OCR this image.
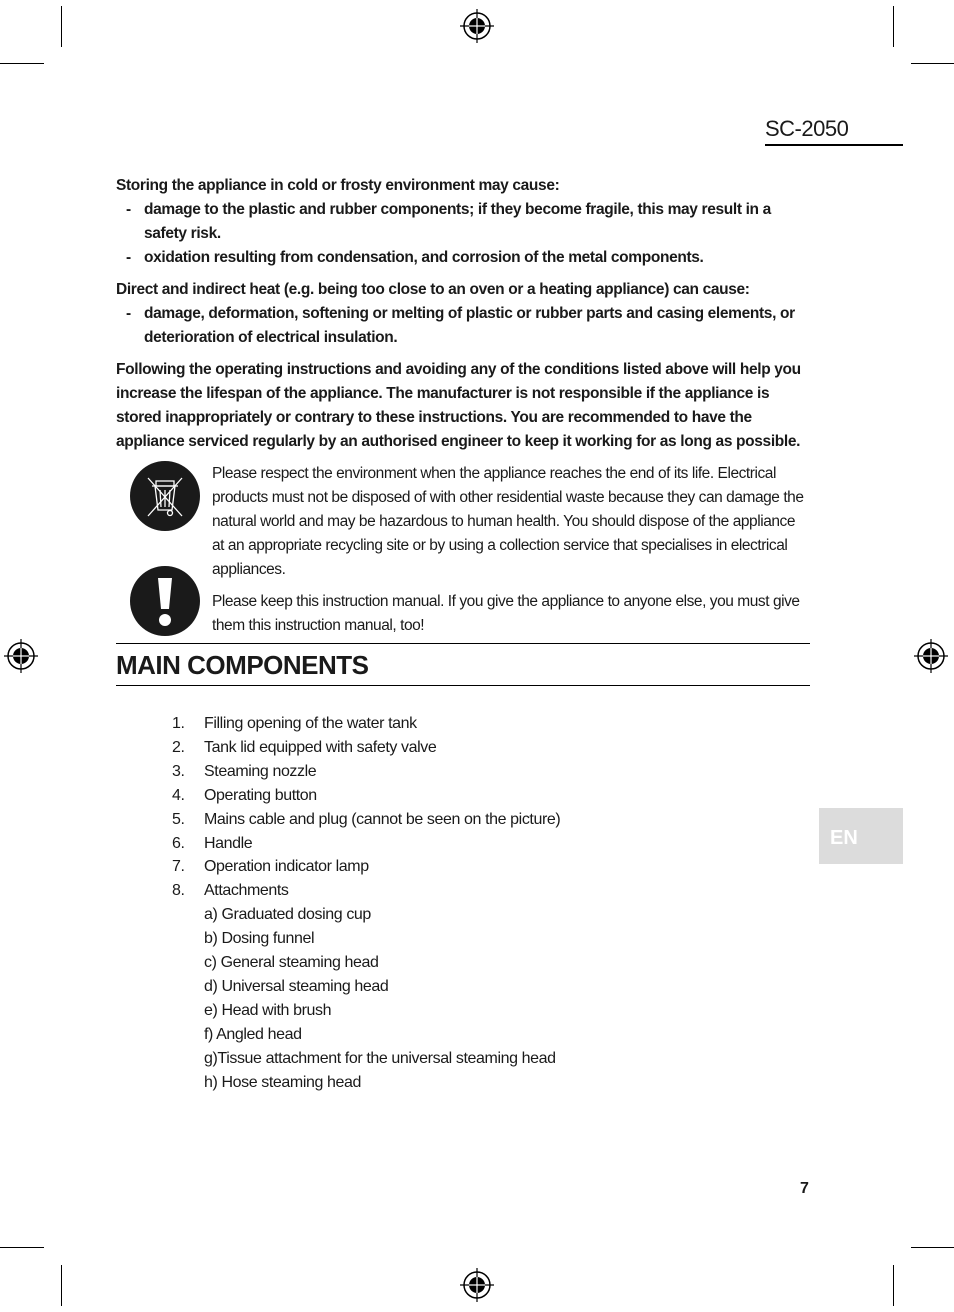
SC-2050
Storing the appliance in cold or frosty environment may cause:
- damage to the plastic and rubber components; if they become fragile, this may result in a safety risk.
- oxidation resulting from condensation, and corrosion of the metal components.
Direct and indirect heat (e.g. being too close to an oven or a heating appliance) can cause:
- damage, deformation, softening or melting of plastic or rubber parts and casing elements, or deterioration of electrical insulation.
Following the operating instructions and avoiding any of the conditions listed above will help you increase the lifespan of the appliance. The manufacturer is not responsible if the appliance is stored inappropriately or contrary to these instructions. You are recommended to have the appliance serviced regularly by an authorised engineer to keep it working for as long as possible.
Please respect the environment when the appliance reaches the end of its life. Electrical products must not be disposed of with other residential waste because they can damage the natural world and may be hazardous to human health. You should dispose of the appliance at an appropriate recycling site or by using a collection service that specialises in electrical appliances.
Please keep this instruction manual. If you give the appliance to anyone else, you must give them this instruction manual, too!
MAIN COMPONENTS
1.	Filling opening of the water tank
2.	Tank lid equipped with safety valve
3.	Steaming nozzle
4.	Operating button
5.	Mains cable and plug (cannot be seen on the picture)
6.	Handle
7.	Operation indicator lamp
8.	Attachments
a) Graduated dosing cup
b) Dosing funnel
c) General steaming head
d) Universal steaming head
e) Head with brush
f) Angled head
g)Tissue attachment for the universal steaming head
h) Hose steaming head
EN
7
